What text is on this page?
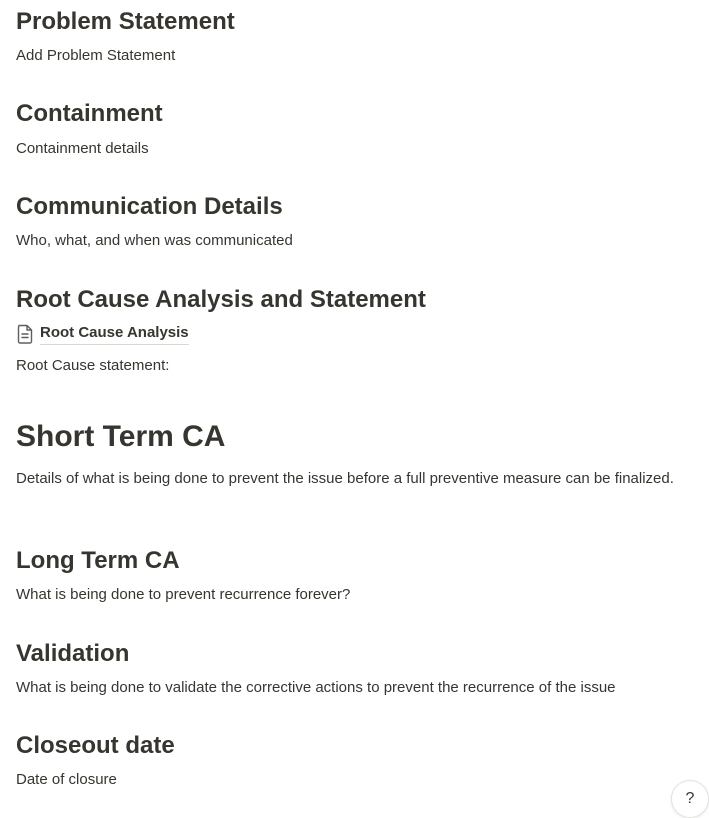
Problem Statement

Add Problem Statement

Containment

Containment details

Communication Details

Who, what, and when was communicated

Root Cause Analysis and Statement
Root Cause Analysis

Root Cause statement:

Short Term CA

Details of what is being done to prevent the issue before a full preventive measure can be finalized.

Long Term CA

What is being done to prevent recurrence forever?

Validation

What is being done to validate the corrective actions to prevent the recurrence of the issue

Closeout date

Date of closure

?
